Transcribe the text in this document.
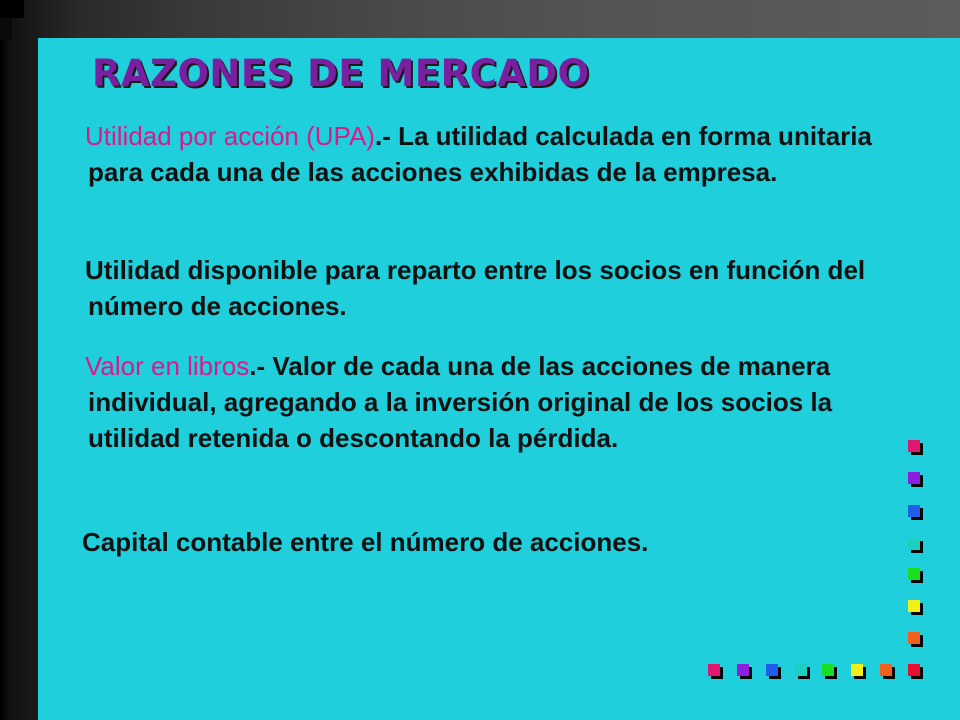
RAZONES DE MERCADO

Utilidad por acción (UPA).- La utilidad calculada en forma unitaria para cada una de las acciones exhibidas de la empresa.

Utilidad disponible para reparto entre los socios en función del número de acciones.

Valor en libros.- Valor de cada una de las acciones de manera individual, agregando a la inversión original de los socios la utilidad retenida o descontando la pérdida.

Capital contable entre el número de acciones.
